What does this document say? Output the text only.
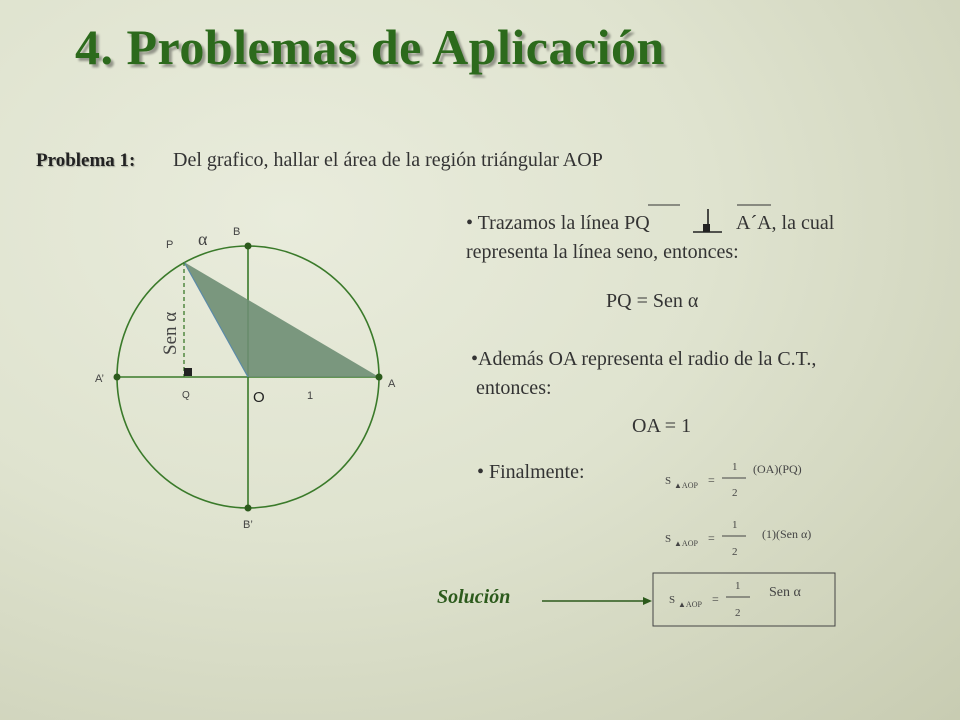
4. Problemas de Aplicación
Problema 1: Del grafico, hallar el área de la región triángular AOP
P
B
A
A’
B’
O
Q	1
α
Sen α
S ▲AOP =
1
2
(OA)(PQ)
S ▲AOP =
1
2
(1)(Sen α)
S ▲AOP =
1
2
Sen α
• Trazamos la línea PQ	A´A, la cual
representa la línea seno, entonces:
PQ = Sen α
•Además OA representa el radio de la C.T.,
entonces:
OA = 1
• Finalmente:
Solución
